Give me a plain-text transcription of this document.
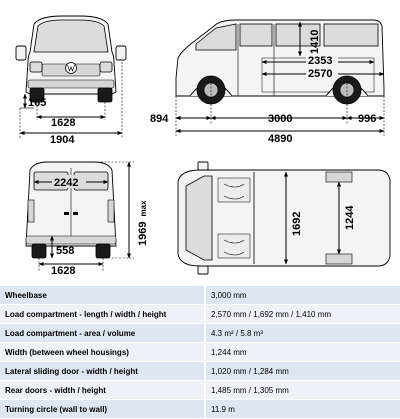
165
1628
1904
1410
2353
2570
894	3000	996
4890
2242
558
1628
1969 max
1692	1244
Wheelbase	3,000 mm
Load compartment - length / width / height	2,570 mm / 1,692 mm / 1,410 mm
Load compartment - area / volume	4.3 m² / 5.8 m³
Width (between wheel housings)	1,244 mm
Lateral sliding door - width / height	1,020 mm / 1,284 mm
Rear doors - width / height	1,485 mm / 1,305 mm
Turning circle (wall to wall)	11.9 m
